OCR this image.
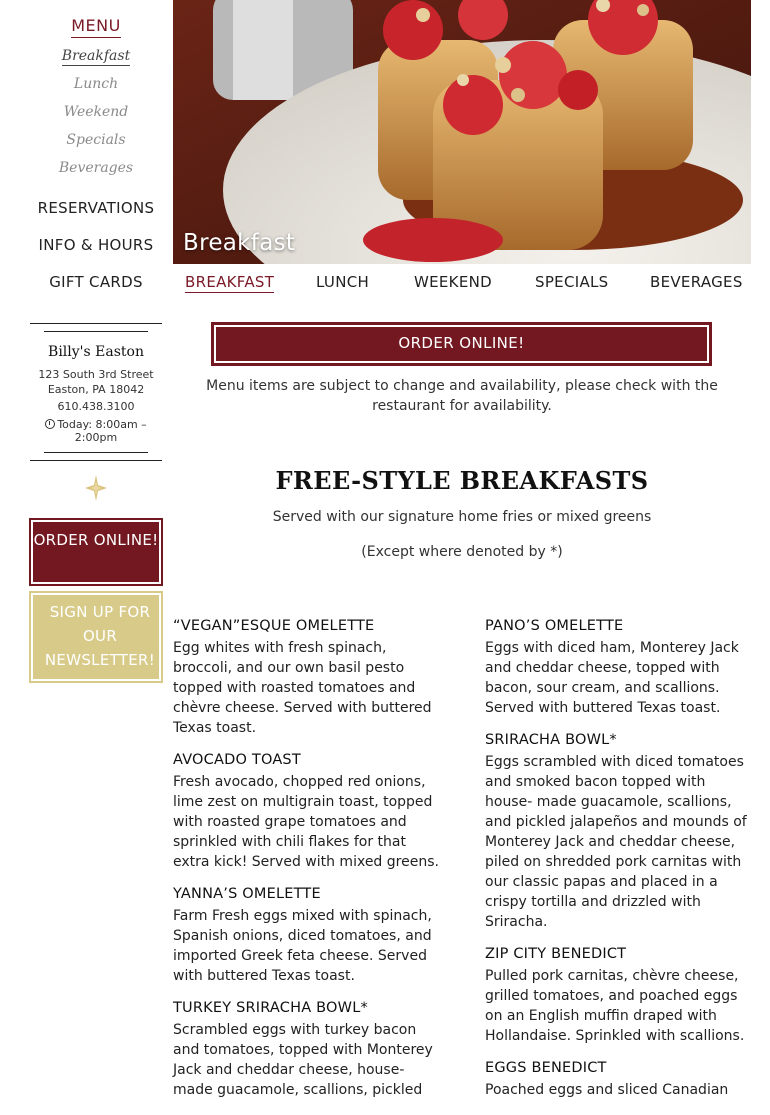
MENU
Breakfast
Lunch
Weekend
Specials
Beverages
RESERVATIONS
INFO & HOURS
GIFT CARDS
Billy's Easton
123 South 3rd Street
Easton, PA 18042
610.438.3100
Today: 8:00am – 2:00pm
ORDER ONLINE!
SIGN UP FOR OUR NEWSLETTER!
Breakfast
BREAKFAST	LUNCH	WEEKEND	SPECIALS	BEVERAGES
ORDER ONLINE!
Menu items are subject to change and availability, please check with the restaurant for availability.
FREE-STYLE BREAKFASTS
Served with our signature home fries or mixed greens
(Except where denoted by *)
“VEGAN”ESQUE OMELETTE

Egg whites with fresh spinach, broccoli, and our own basil pesto topped with roasted tomatoes and chèvre cheese. Served with buttered Texas toast.

AVOCADO TOAST

Fresh avocado, chopped red onions, lime zest on multigrain toast, topped with roasted grape tomatoes and sprinkled with chili flakes for that extra kick! Served with mixed greens.

YANNA’S OMELETTE

Farm Fresh eggs mixed with spinach, Spanish onions, diced tomatoes, and imported Greek feta cheese. Served with buttered Texas toast.

TURKEY SRIRACHA BOWL*

Scrambled eggs with turkey bacon and tomatoes, topped with Monterey Jack and cheddar cheese, house-made guacamole, scallions, pickled

PANO’S OMELETTE

Eggs with diced ham, Monterey Jack and cheddar cheese, topped with bacon, sour cream, and scallions. Served with buttered Texas toast.

SRIRACHA BOWL*

Eggs scrambled with diced tomatoes and smoked bacon topped with house- made guacamole, scallions, and pickled jalapeños and mounds of Monterey Jack and cheddar cheese, piled on shredded pork carnitas with our classic papas and placed in a crispy tortilla and drizzled with Sriracha.

ZIP CITY BENEDICT

Pulled pork carnitas, chèvre cheese, grilled tomatoes, and poached eggs on an English muffin draped with Hollandaise. Sprinkled with scallions.

EGGS BENEDICT

Poached eggs and sliced Canadian
